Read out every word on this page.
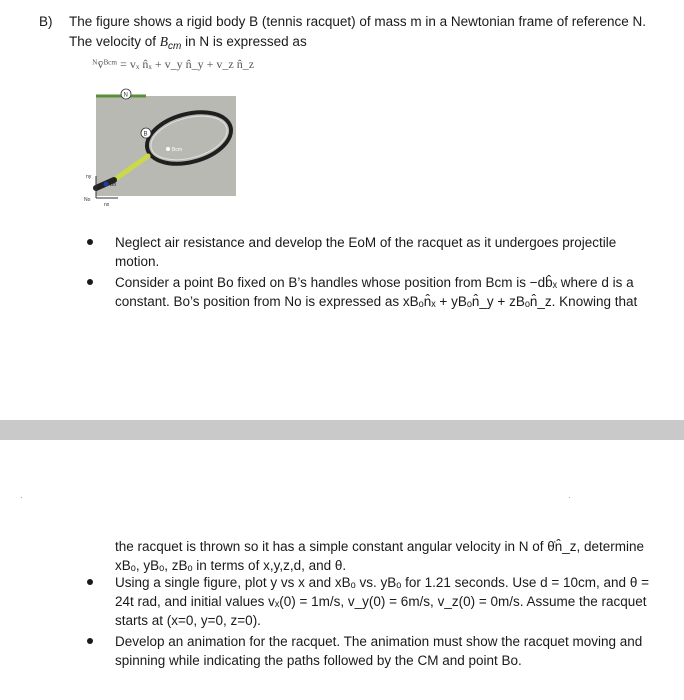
B) The figure shows a rigid body B (tennis racquet) of mass m in a Newtonian frame of reference N.
The velocity of $B_{cm}$ in N is expressed as
ᴺv̄ᴮᶜᵐ = vₓ n̂ₓ + v_y n̂_y + v_z n̂_z
N
B
Bcm
Bo
ny
nx
No
Neglect air resistance and develop the EoM of the racquet as it undergoes projectile motion.
Consider a point Bo fixed on B’s handles whose position from Bcm is −db̂ₓ where d is a constant. Bo’s position from No is expressed as xBₒn̂ₓ + yBₒn̂_y + zBₒn̂_z. Knowing that
·	·
the racquet is thrown so it has a simple constant angular velocity in N of θ̇n̂_z, determine xBₒ, yBₒ, zBₒ in terms of x,y,z,d, and θ.
Using a single figure, plot y vs x and xBₒ vs. yBₒ for 1.21 seconds. Use d = 10cm, and θ = 24t rad, and initial values vₓ(0) = 1m/s, v_y(0) = 6m/s, v_z(0) = 0m/s. Assume the racquet starts at (x=0, y=0, z=0).
Develop an animation for the racquet. The animation must show the racquet moving and spinning while indicating the paths followed by the CM and point Bo.
